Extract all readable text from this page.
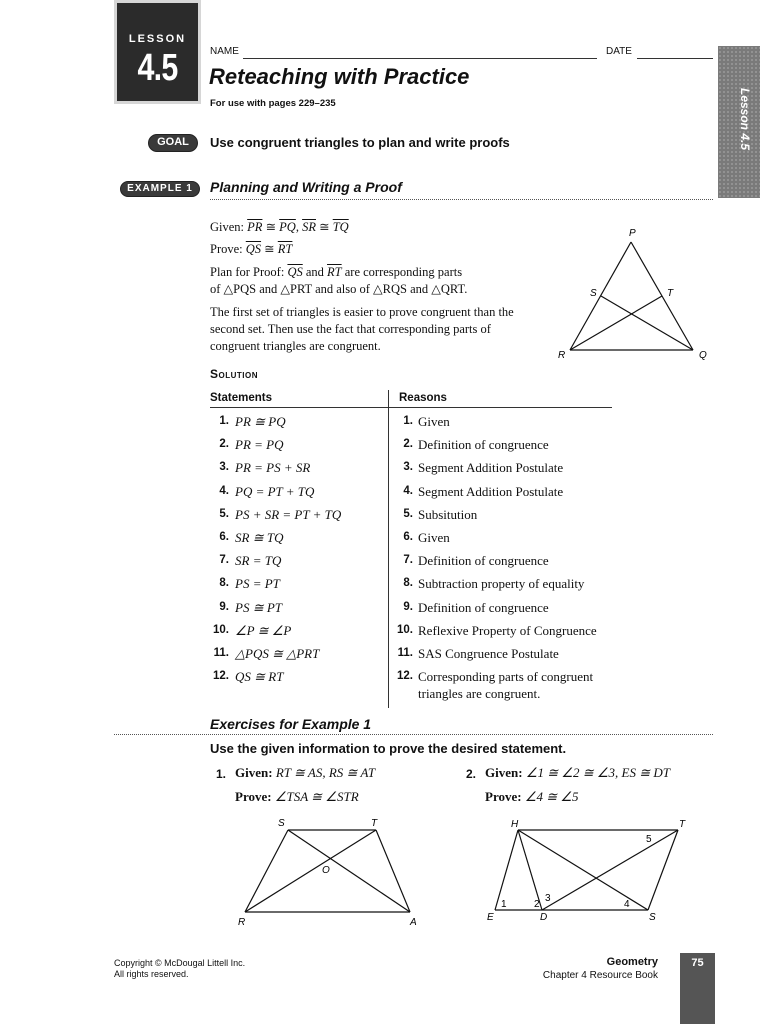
LESSON
4.5	NAME	DATE
Reteaching with Practice
For use with pages 229–235	Lesson 4.5
GOAL	Use congruent triangles to plan and write proofs
EXAMPLE 1	Planning and Writing a Proof
Given: $\overline{PR}$ ≅ $\overline{PQ}$, $\overline{SR}$ ≅ $\overline{TQ}$
Prove: $\overline{QS}$ ≅ $\overline{RT}$
Plan for Proof: $\overline{QS}$ and $\overline{RT}$ are corresponding parts
of △PQS and △PRT and also of △RQS and △QRT.
The first set of triangles is easier to prove congruent than the second set. Then use the fact that corresponding parts of congruent triangles are congruent.
P
S	T
R	Q
Solution
Statements	Reasons
1. PR ≅ PQ	1. Given
2. PR = PQ	2. Definition of congruence
3. PR = PS + SR	3. Segment Addition Postulate
4. PQ = PT + TQ	4. Segment Addition Postulate
5. PS + SR = PT + TQ	5. Subsitution
6. SR ≅ TQ	6. Given
7. SR = TQ	7. Definition of congruence
8. PS = PT	8. Subtraction property of equality
9. PS ≅ PT	9. Definition of congruence
10. ∠P ≅ ∠P	10. Reflexive Property of Congruence
11. △PQS ≅ △PRT	11. SAS Congruence Postulate
12. QS ≅ RT	12. Corresponding parts of congruent
triangles are congruent.
Exercises for Example 1
Use the given information to prove the desired statement.
1. Given: RT ≅ AS, RS ≅ AT
Prove: ∠TSA ≅ ∠STR
S	T
O
R	A
2. Given: ∠1 ≅ ∠2 ≅ ∠3, ES ≅ DT
Prove: ∠4 ≅ ∠5
H	T
E	D	S
1	2
3
4
5
Copyright © McDougal Littell Inc.
All rights reserved.
Geometry
Chapter 4 Resource Book
75
